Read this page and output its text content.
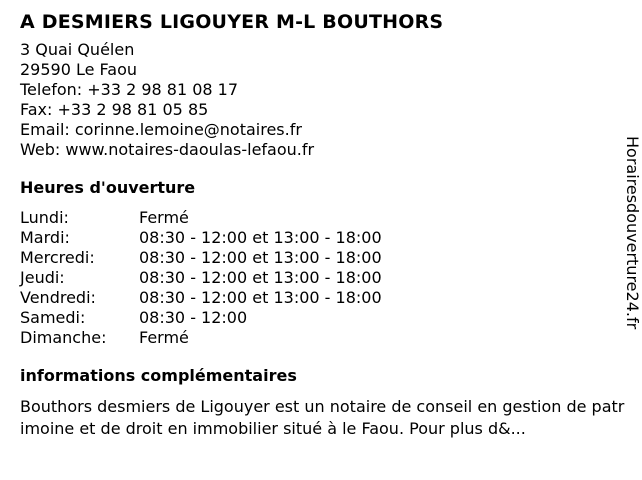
A DESMIERS LIGOUYER M-L BOUTHORS
3 Quai Quélen
29590 Le Faou
Telefon: +33 2 98 81 08 17
Fax: +33 2 98 81 05 85
Email: corinne.lemoine@notaires.fr
Web: www.notaires-daoulas-lefaou.fr
Heures d'ouverture
Lundi:	Fermé
Mardi:	08:30 - 12:00 et 13:00 - 18:00
Mercredi:	08:30 - 12:00 et 13:00 - 18:00
Jeudi:	08:30 - 12:00 et 13:00 - 18:00
Vendredi:	08:30 - 12:00 et 13:00 - 18:00
Samedi:	08:30 - 12:00
Dimanche:	Fermé
informations complémentaires
Bouthors desmiers de Ligouyer est un notaire de conseil en gestion de patrimoine et de droit en immobilier situé à le Faou. Pour plus d&...
Horairesdouverture24.fr
